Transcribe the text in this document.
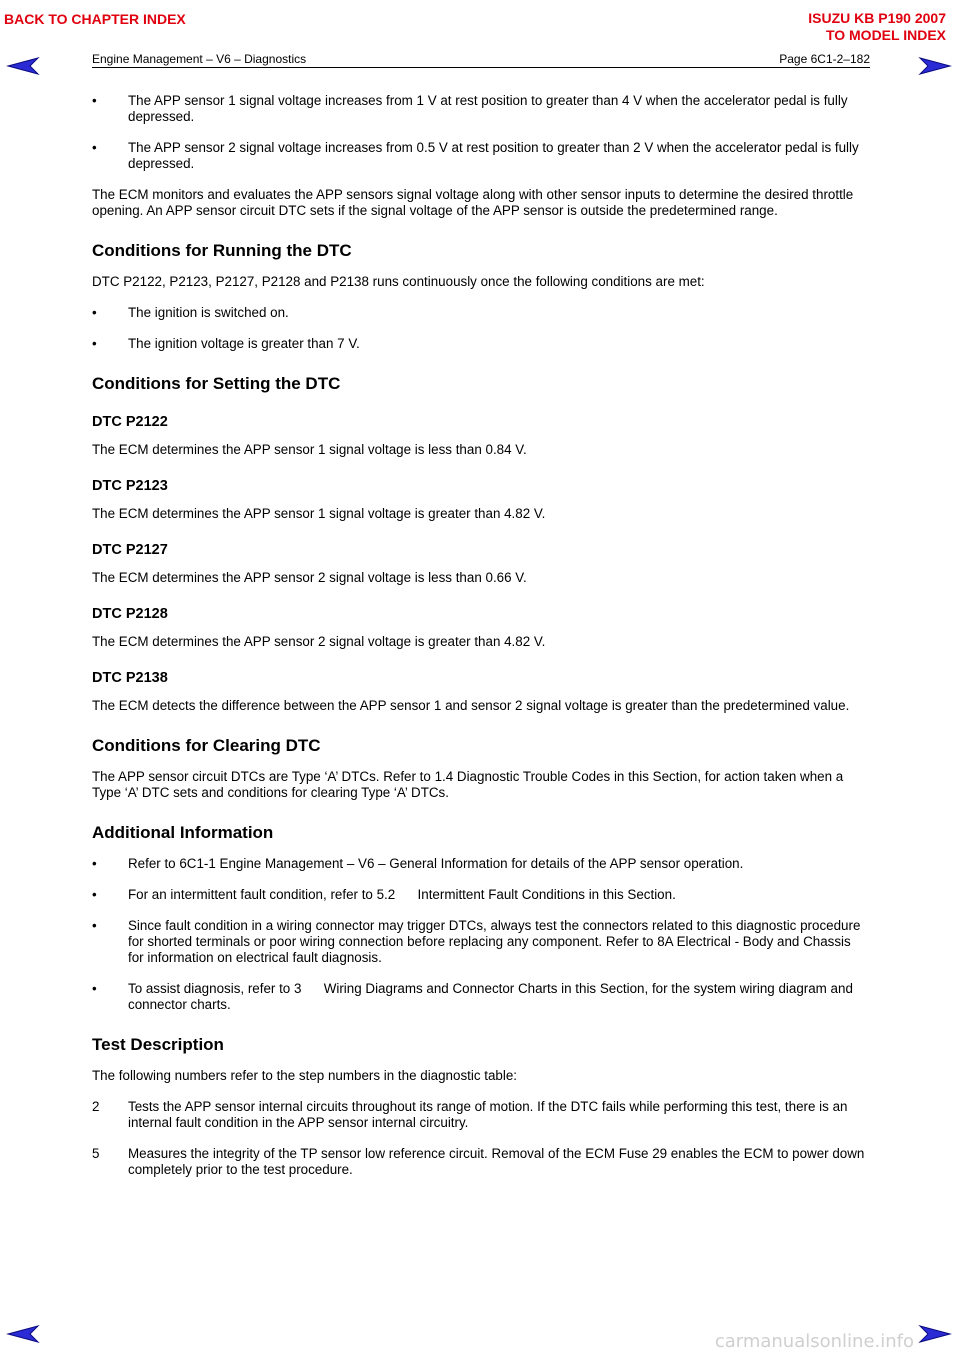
BACK TO CHAPTER INDEX	ISUZU KB P190 2007
TO MODEL INDEX
Engine Management – V6 – Diagnostics	Page 6C1-2–182
•	The APP sensor 1 signal voltage increases from 1 V at rest position to greater than 4 V when the accelerator pedal is fully depressed.
•	The APP sensor 2 signal voltage increases from 0.5 V at rest position to greater than 2 V when the accelerator pedal is fully depressed.

The ECM monitors and evaluates the APP sensors signal voltage along with other sensor inputs to determine the desired throttle opening. An APP sensor circuit DTC sets if the signal voltage of the APP sensor is outside the predetermined range.

Conditions for Running the DTC

DTC P2122, P2123, P2127, P2128 and P2138 runs continuously once the following conditions are met:

•	The ignition is switched on.
•	The ignition voltage is greater than 7 V.
Conditions for Setting the DTC
DTC P2122

The ECM determines the APP sensor 1 signal voltage is less than 0.84 V.

DTC P2123

The ECM determines the APP sensor 1 signal voltage is greater than 4.82 V.

DTC P2127

The ECM determines the APP sensor 2 signal voltage is less than 0.66 V.

DTC P2128

The ECM determines the APP sensor 2 signal voltage is greater than 4.82 V.

DTC P2138

The ECM detects the difference between the APP sensor 1 and sensor 2 signal voltage is greater than the predetermined value.

Conditions for Clearing DTC

The APP sensor circuit DTCs are Type ‘A’ DTCs. Refer to 1.4 Diagnostic Trouble Codes in this Section, for action taken when a Type ‘A’ DTC sets and conditions for clearing Type ‘A’ DTCs.

Additional Information
•	Refer to 6C1-1 Engine Management – V6 – General Information for details of the APP sensor operation.
•	For an intermittent fault condition, refer to 5.2      Intermittent Fault Conditions in this Section.
•	Since fault condition in a wiring connector may trigger DTCs, always test the connectors related to this diagnostic procedure for shorted terminals or poor wiring connection before replacing any component. Refer to 8A Electrical - Body and Chassis for information on electrical fault diagnosis.
•	To assist diagnosis, refer to 3      Wiring Diagrams and Connector Charts in this Section, for the system wiring diagram and connector charts.
Test Description

The following numbers refer to the step numbers in the diagnostic table:

2	Tests the APP sensor internal circuits throughout its range of motion. If the DTC fails while performing this test, there is an internal fault condition in the APP sensor internal circuitry.
5	Measures the integrity of the TP sensor low reference circuit. Removal of the ECM Fuse 29 enables the ECM to power down completely prior to the test procedure.
carmanualsonline.info
